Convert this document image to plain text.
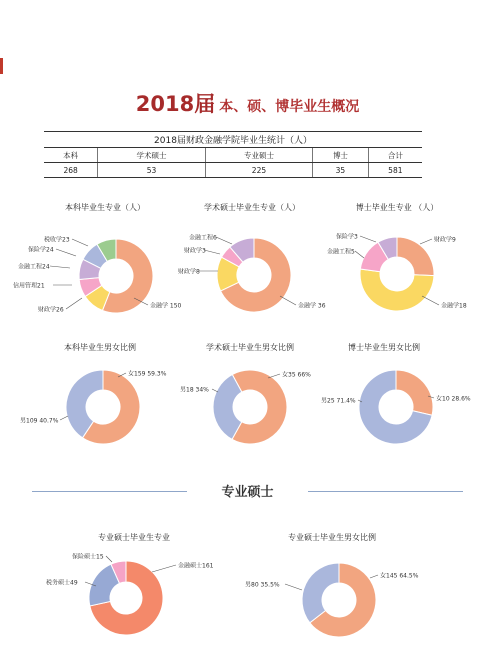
2018届 本、硕、博毕业生概况
2018届财政金融学院毕业生统计（人）				
本科	学术硕士	专业硕士	博士	合计
268	53	225	35	581
专业硕士
本科毕业生专业（人）
金融学 150
财政学26
信用管理21
金融工程24
保险学24
税收学23
学术硕士毕业生专业（人）
金融学 36
财政学8
财政学3
金融工程6
博士毕业生专业 （人）
财政学9
金融学18
金融工程5
保险学3
本科毕业生男女比例
女159 59.3%
男109 40.7%
学术硕士毕业生男女比例
女35 66%
男18 34%
博士毕业生男女比例
女10 28.6%
男25 71.4%
专业硕士毕业生专业
金融硕士161
税务硕士49
保险硕士15
专业硕士毕业生男女比例
女145 64.5%
男80 35.5%
